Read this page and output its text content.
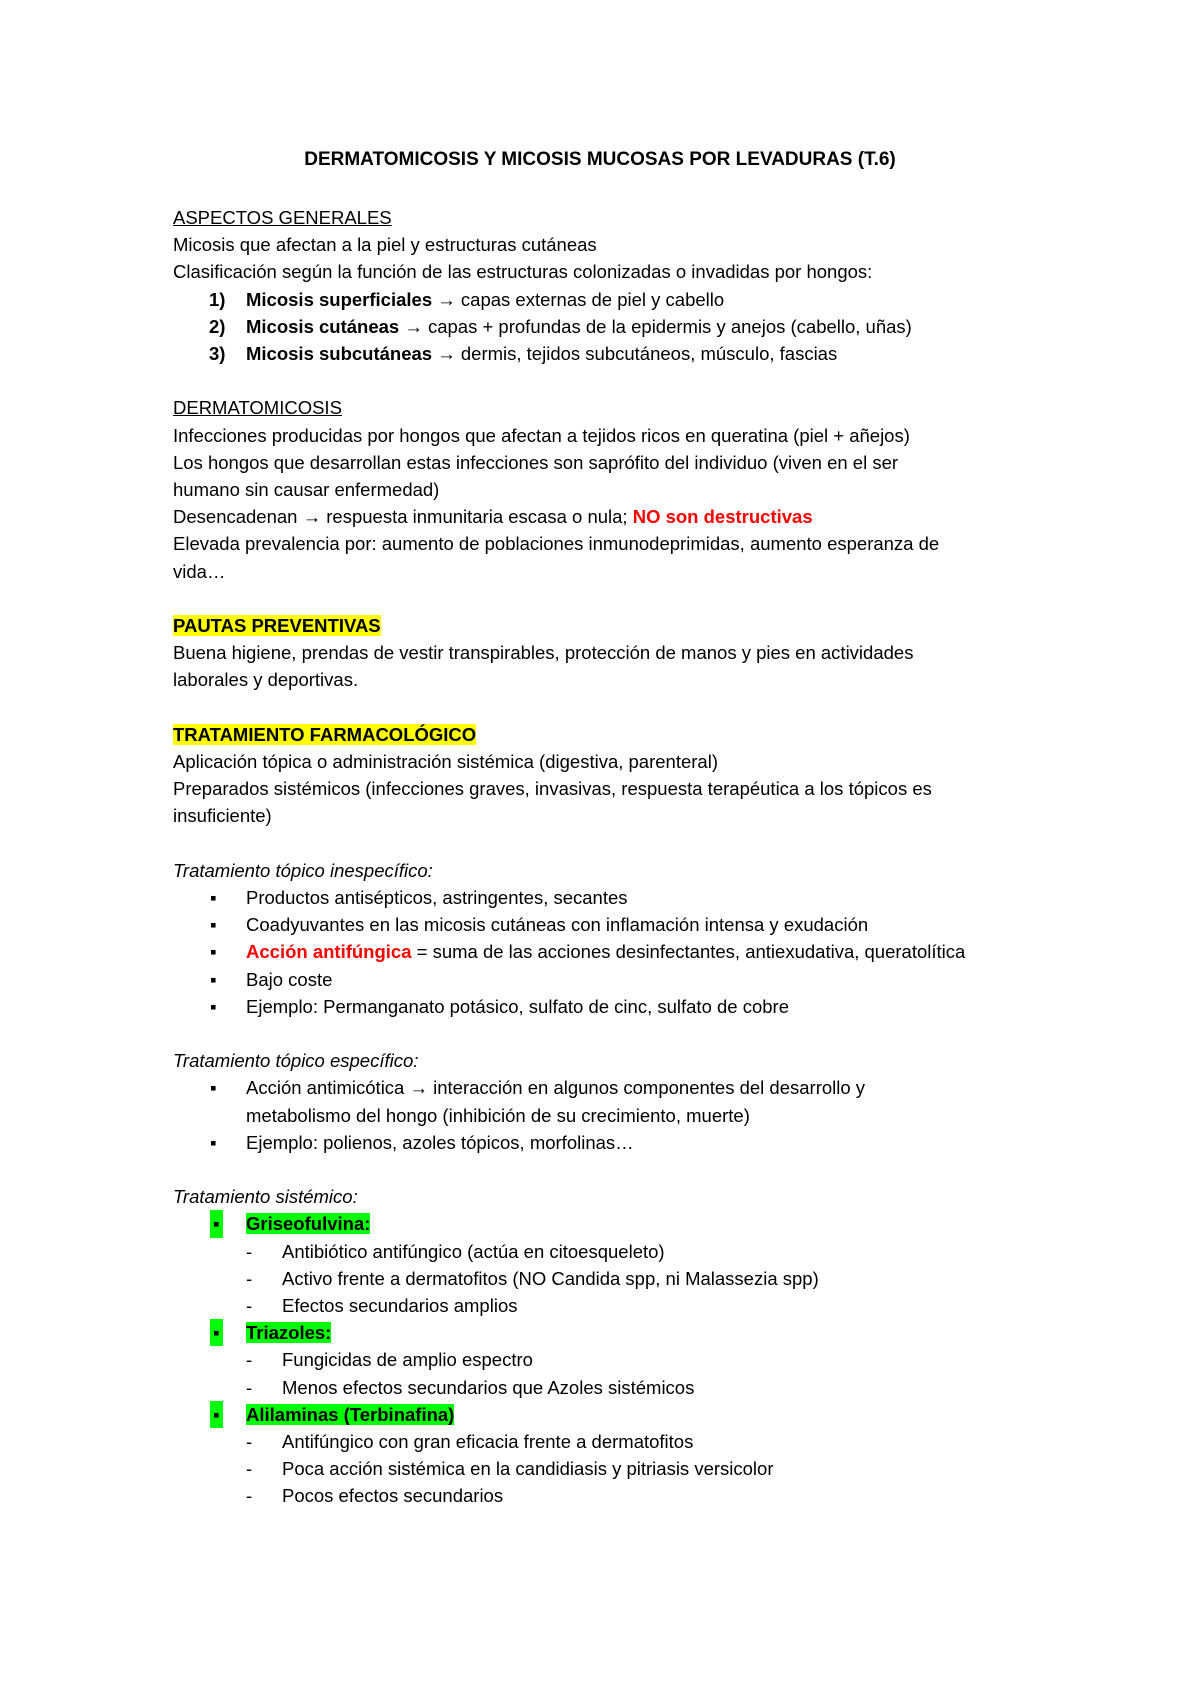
DERMATOMICOSIS Y MICOSIS MUCOSAS POR LEVADURAS (T.6)
ASPECTOS GENERALES
Micosis que afectan a la piel y estructuras cutáneas
Clasificación según la función de las estructuras colonizadas o invadidas por hongos:
1)	Micosis superficiales → capas externas de piel y cabello
2)	Micosis cutáneas → capas + profundas de la epidermis y anejos (cabello, uñas)
3)	Micosis subcutáneas → dermis, tejidos subcutáneos, músculo, fascias
DERMATOMICOSIS
Infecciones producidas por hongos que afectan a tejidos ricos en queratina (piel + añejos)
Los hongos que desarrollan estas infecciones son saprófito del individuo (viven en el ser
humano sin causar enfermedad)
Desencadenan → respuesta inmunitaria escasa o nula; NO son destructivas
Elevada prevalencia por: aumento de poblaciones inmunodeprimidas, aumento esperanza de
vida…
PAUTAS PREVENTIVAS
Buena higiene, prendas de vestir transpirables, protección de manos y pies en actividades
laborales y deportivas.
TRATAMIENTO FARMACOLÓGICO
Aplicación tópica o administración sistémica (digestiva, parenteral)
Preparados sistémicos (infecciones graves, invasivas, respuesta terapéutica a los tópicos es
insuficiente)
Tratamiento tópico inespecífico:
▪	Productos antisépticos, astringentes, secantes
▪	Coadyuvantes en las micosis cutáneas con inflamación intensa y exudación
▪	Acción antifúngica = suma de las acciones desinfectantes, antiexudativa, queratolítica
▪	Bajo coste
▪	Ejemplo: Permanganato potásico, sulfato de cinc, sulfato de cobre
Tratamiento tópico específico:
▪	Acción antimicótica → interacción en algunos componentes del desarrollo y
metabolismo del hongo (inhibición de su crecimiento, muerte)
▪	Ejemplo: polienos, azoles tópicos, morfolinas…
Tratamiento sistémico:
▪	Griseofulvina:
-	Antibiótico antifúngico (actúa en citoesqueleto)
-	Activo frente a dermatofitos (NO Candida spp, ni Malassezia spp)
-	Efectos secundarios amplios
▪	Triazoles:
-	Fungicidas de amplio espectro
-	Menos efectos secundarios que Azoles sistémicos
▪	Alilaminas (Terbinafina)
-	Antifúngico con gran eficacia frente a dermatofitos
-	Poca acción sistémica en la candidiasis y pitriasis versicolor
-	Pocos efectos secundarios
